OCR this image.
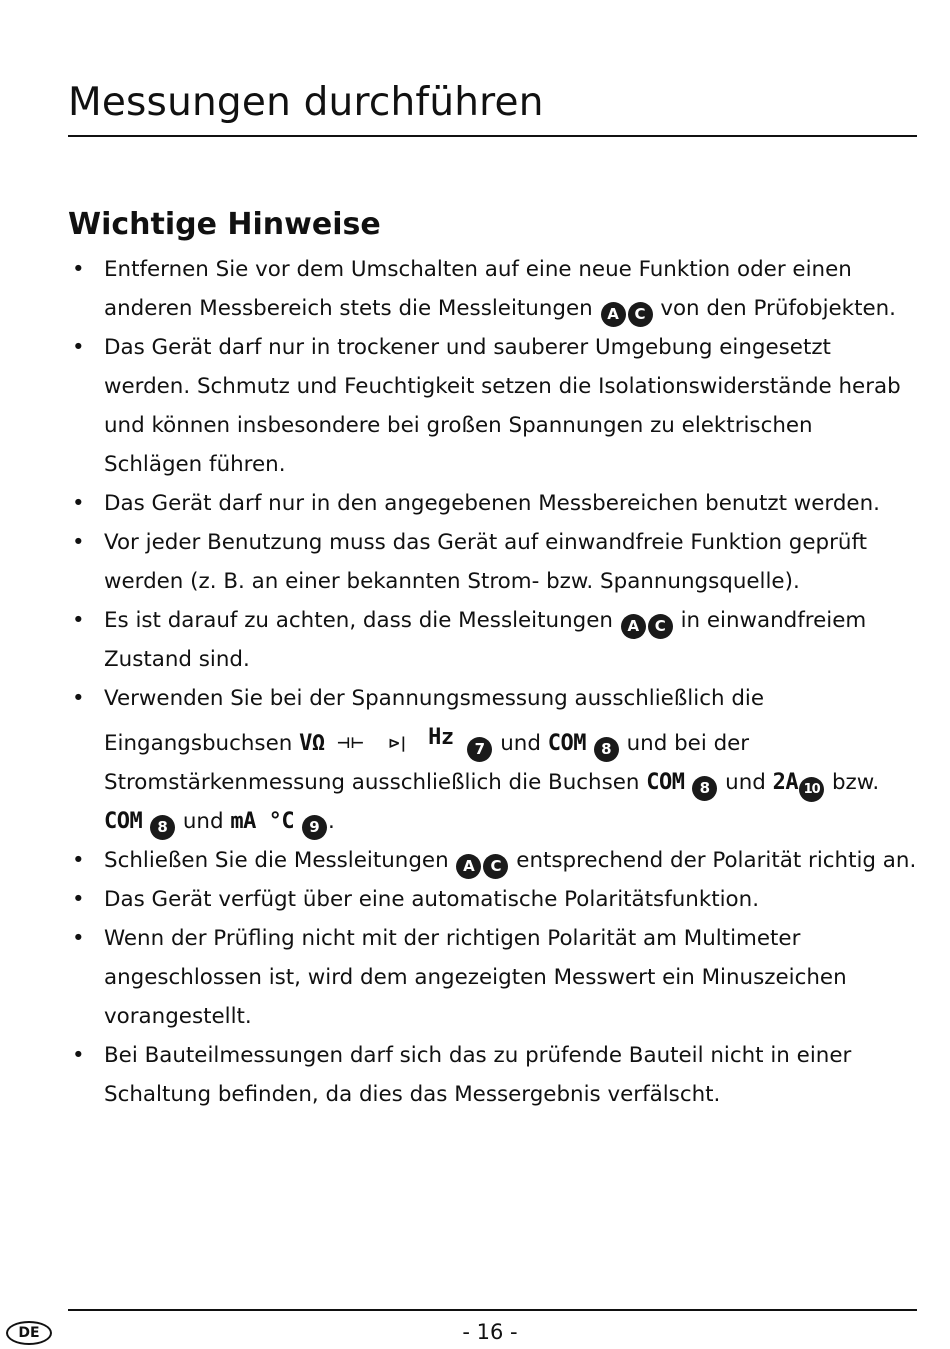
Messungen durchführen
Wichtige Hinweise
• Entfernen Sie vor dem Umschalten auf eine neue Funktion oder einen anderen Messbereich stets die Messleitungen A C von den Prüfobjekten.
• Das Gerät darf nur in trockener und sauberer Umgebung eingesetzt werden. Schmutz und Feuchtigkeit setzen die Isolationswiderstände herab und können insbesondere bei großen Spannungen zu elektrischen Schlägen führen.
• Das Gerät darf nur in den angegebenen Messbereichen benutzt werden.
• Vor jeder Benutzung muss das Gerät auf einwandfreie Funktion geprüft werden (z. B. an einer bekannten Strom- bzw. Spannungsquelle).
• Es ist darauf zu achten, dass die Messleitungen A C in einwandfreiem Zustand sind.
• Verwenden Sie bei der Spannungsmessung ausschließlich die Eingangsbuchsen VΩ ⊣⊢ ⊳| Hz 7 und COM 8 und bei der Stromstärkenmessung ausschließlich die Buchsen COM 8 und 2A 10 bzw. COM 8 und mA °C 9 .
• Schließen Sie die Messleitungen A C entsprechend der Polarität richtig an.
• Das Gerät verfügt über eine automatische Polaritätsfunktion.
• Wenn der Prüfling nicht mit der richtigen Polarität am Multimeter angeschlossen ist, wird dem angezeigten Messwert ein Minuszeichen vorangestellt.
• Bei Bauteilmessungen darf sich das zu prüfende Bauteil nicht in einer Schaltung befinden, da dies das Messergebnis verfälscht.
DE	- 16 -
